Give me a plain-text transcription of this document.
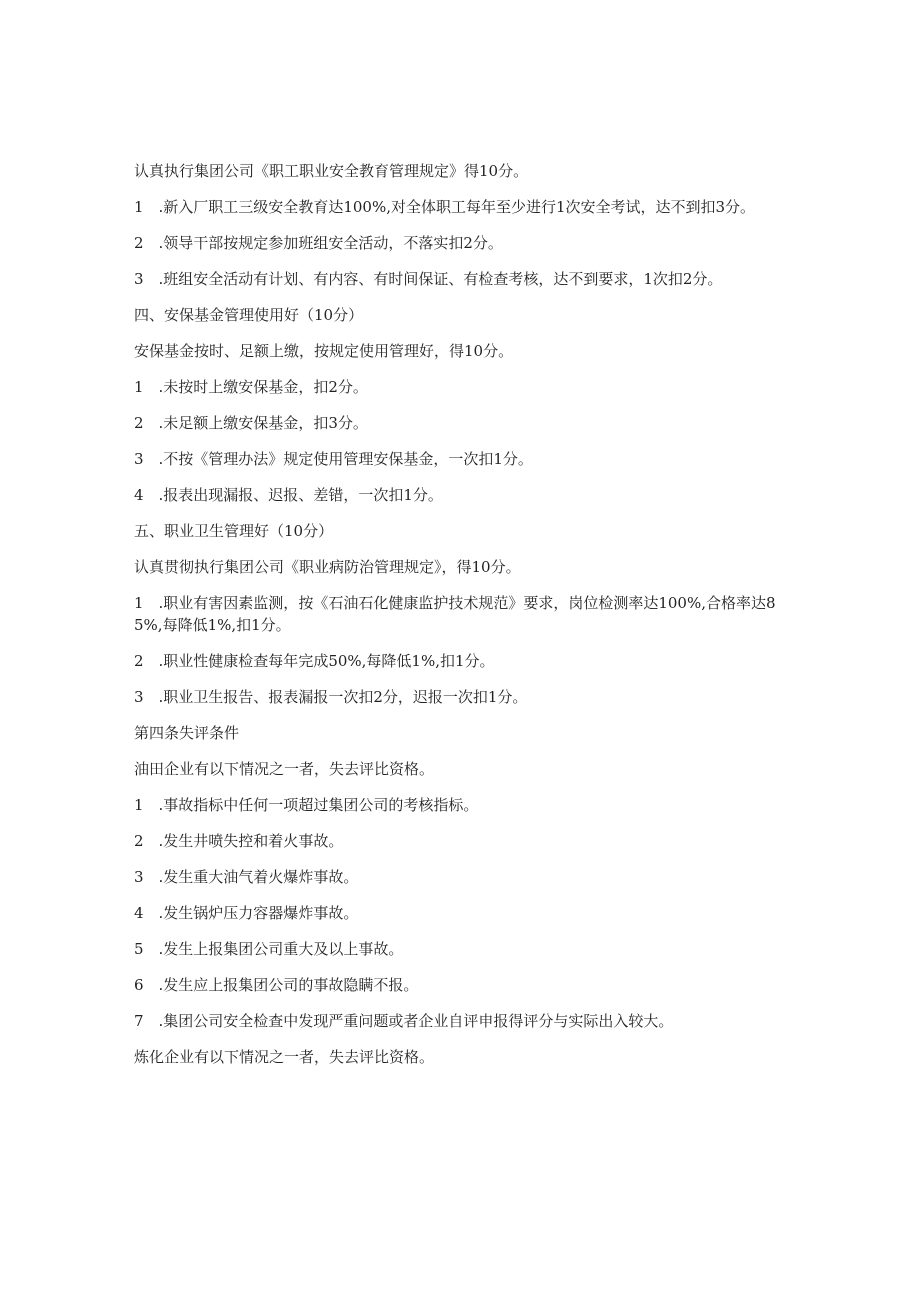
认真执行集团公司《职工职业安全教育管理规定》得10分。

1　.新入厂职工三级安全教育达100%,对全体职工每年至少进行1次安全考试，达不到扣3分。

2　.领导干部按规定参加班组安全活动，不落实扣2分。

3　.班组安全活动有计划、有内容、有时间保证、有检查考核，达不到要求，1次扣2分。

四、安保基金管理使用好（10分）

安保基金按时、足额上缴，按规定使用管理好，得10分。

1　.未按时上缴安保基金，扣2分。

2　.未足额上缴安保基金，扣3分。

3　.不按《管理办法》规定使用管理安保基金，一次扣1分。

4　.报表出现漏报、迟报、差错，一次扣1分。

五、职业卫生管理好（10分）

认真贯彻执行集团公司《职业病防治管理规定》，得10分。

1　.职业有害因素监测，按《石油石化健康监护技术规范》要求，岗位检测率达100%,合格率达85%,每降低1%,扣1分。

2　.职业性健康检查每年完成50%,每降低1%,扣1分。

3　.职业卫生报告、报表漏报一次扣2分，迟报一次扣1分。

第四条失评条件

油田企业有以下情况之一者，失去评比资格。

1　.事故指标中任何一项超过集团公司的考核指标。

2　.发生井喷失控和着火事故。

3　.发生重大油气着火爆炸事故。

4　.发生锅炉压力容器爆炸事故。

5　.发生上报集团公司重大及以上事故。

6　.发生应上报集团公司的事故隐瞒不报。

7　.集团公司安全检查中发现严重问题或者企业自评申报得评分与实际出入较大。

炼化企业有以下情况之一者，失去评比资格。
